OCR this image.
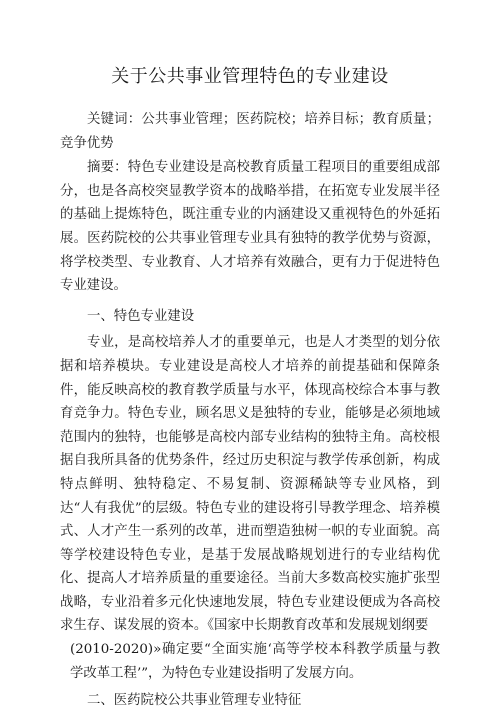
关于公共事业管理特色的专业建设

关键词：公共事业管理；医药院校；培养目标；教育质量；竞争优势

摘要：特色专业建设是高校教育质量工程项目的重要组成部分，也是各高校突显教学资本的战略举措，在拓宽专业发展半径的基础上提炼特色，既注重专业的内涵建设又重视特色的外延拓展。医药院校的公共事业管理专业具有独特的教学优势与资源，将学校类型、专业教育、人才培养有效融合，更有力于促进特色专业建设。

一、特色专业建设

专业，是高校培养人才的重要单元，也是人才类型的划分依据和培养模块。专业建设是高校人才培养的前提基础和保障条件，能反映高校的教育教学质量与水平，体现高校综合本事与教育竞争力。特色专业，顾名思义是独特的专业，能够是必须地域范围内的独特，也能够是高校内部专业结构的独特主角。高校根据自我所具备的优势条件，经过历史积淀与教学传承创新，构成特点鲜明、独特稳定、不易复制、资源稀缺等专业风格，到达“人有我优”的层级。特色专业的建设将引导教学理念、培养模式、人才产生一系列的改革，进而塑造独树一帜的专业面貌。高等学校建设特色专业，是基于发展战略规划进行的专业结构优化、提高人才培养质量的重要途径。当前大多数高校实施扩张型战略，专业沿着多元化快速地发展，特色专业建设便成为各高校求生存、谋发展的资本。《国家中长期教育改革和发展规划纲要

(2010-2020)»确定要“全面实施‘高等学校本科教学质量与教学改革工程’”，为特色专业建设指明了发展方向。

二、医药院校公共事业管理专业特征
